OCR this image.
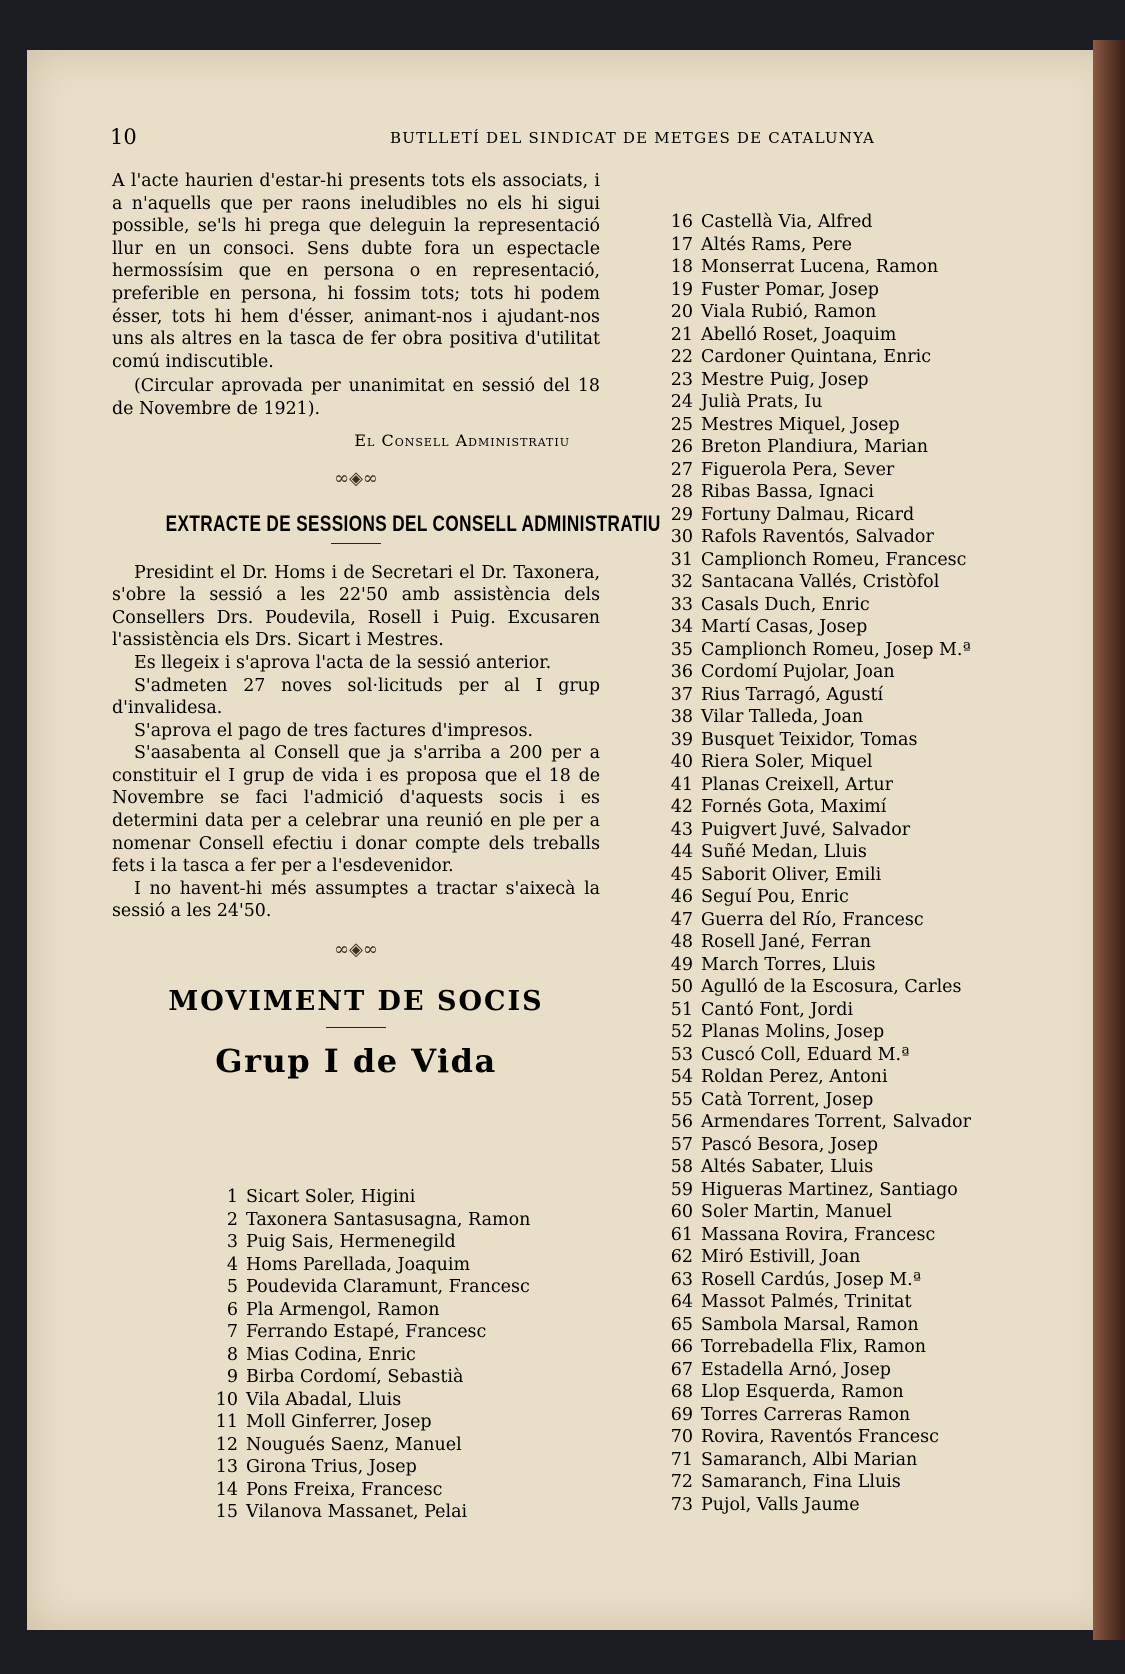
10	BUTLLETÍ DEL SINDICAT DE METGES DE CATALUNYA

A l'acte haurien d'estar-hi presents tots els associats, i a n'aquells que per raons ineludibles no els hi sigui possible, se'ls hi prega que deleguin la representació llur en un consoci. Sens dubte fora un espectacle hermossísim que en persona o en representació, preferible en persona, hi fossim tots; tots hi podem ésser, tots hi hem d'ésser, animant-nos i ajudant-nos uns als altres en la tasca de fer obra positiva d'utilitat comú indiscutible.

(Circular aprovada per unanimitat en sessió del 18 de Novembre de 1921).

El Consell Administratiu
∞◈∞
EXTRACTE DE SESSIONS DEL CONSELL ADMINISTRATIU

Presidint el Dr. Homs i de Secretari el Dr. Taxonera, s'obre la sessió a les 22'50 amb assistència dels Consellers Drs. Poudevila, Rosell i Puig. Excusaren l'assistència els Drs. Sicart i Mestres.

Es llegeix i s'aprova l'acta de la sessió anterior.

S'admeten 27 noves sol·licituds per al I grup d'invalidesa.

S'aprova el pago de tres factures d'impresos.

S'aasabenta al Consell que ja s'arriba a 200 per a constituir el I grup de vida i es proposa que el 18 de Novembre se faci l'admició d'aquests socis i es determini data per a celebrar una reunió en ple per a nomenar Consell efectiu i donar compte dels treballs fets i la tasca a fer per a l'esdevenidor.

I no havent-hi més assumptes a tractar s'aixecà la sessió a les 24'50.

∞◈∞
MOVIMENT DE SOCIS
Grup I de Vida
1 Sicart Soler, Higini
2 Taxonera Santasusagna, Ramon
3 Puig Sais, Hermenegild
4 Homs Parellada, Joaquim
5 Poudevida Claramunt, Francesc
6 Pla Armengol, Ramon
7 Ferrando Estapé, Francesc
8 Mias Codina, Enric
9 Birba Cordomí, Sebastià
10 Vila Abadal, Lluis
11 Moll Ginferrer, Josep
12 Nougués Saenz, Manuel
13 Girona Trius, Josep
14 Pons Freixa, Francesc
15 Vilanova Massanet, Pelai
16 Castellà Via, Alfred
17 Altés Rams, Pere
18 Monserrat Lucena, Ramon
19 Fuster Pomar, Josep
20 Viala Rubió, Ramon
21 Abelló Roset, Joaquim
22 Cardoner Quintana, Enric
23 Mestre Puig, Josep
24 Julià Prats, Iu
25 Mestres Miquel, Josep
26 Breton Plandiura, Marian
27 Figuerola Pera, Sever
28 Ribas Bassa, Ignaci
29 Fortuny Dalmau, Ricard
30 Rafols Raventós, Salvador
31 Camplionch Romeu, Francesc
32 Santacana Vallés, Cristòfol
33 Casals Duch, Enric
34 Martí Casas, Josep
35 Camplionch Romeu, Josep M.ª
36 Cordomí Pujolar, Joan
37 Rius Tarragó, Agustí
38 Vilar Talleda, Joan
39 Busquet Teixidor, Tomas
40 Riera Soler, Miquel
41 Planas Creixell, Artur
42 Fornés Gota, Maximí
43 Puigvert Juvé, Salvador
44 Suñé Medan, Lluis
45 Saborit Oliver, Emili
46 Seguí Pou, Enric
47 Guerra del Río, Francesc
48 Rosell Jané, Ferran
49 March Torres, Lluis
50 Agulló de la Escosura, Carles
51 Cantó Font, Jordi
52 Planas Molins, Josep
53 Cuscó Coll, Eduard M.ª
54 Roldan Perez, Antoni
55 Catà Torrent, Josep
56 Armendares Torrent, Salvador
57 Pascó Besora, Josep
58 Altés Sabater, Lluis
59 Higueras Martinez, Santiago
60 Soler Martin, Manuel
61 Massana Rovira, Francesc
62 Miró Estivill, Joan
63 Rosell Cardús, Josep M.ª
64 Massot Palmés, Trinitat
65 Sambola Marsal, Ramon
66 Torrebadella Flix, Ramon
67 Estadella Arnó, Josep
68 Llop Esquerda, Ramon
69 Torres Carreras Ramon
70 Rovira, Raventós Francesc
71 Samaranch, Albi Marian
72 Samaranch, Fina Lluis
73 Pujol, Valls Jaume
